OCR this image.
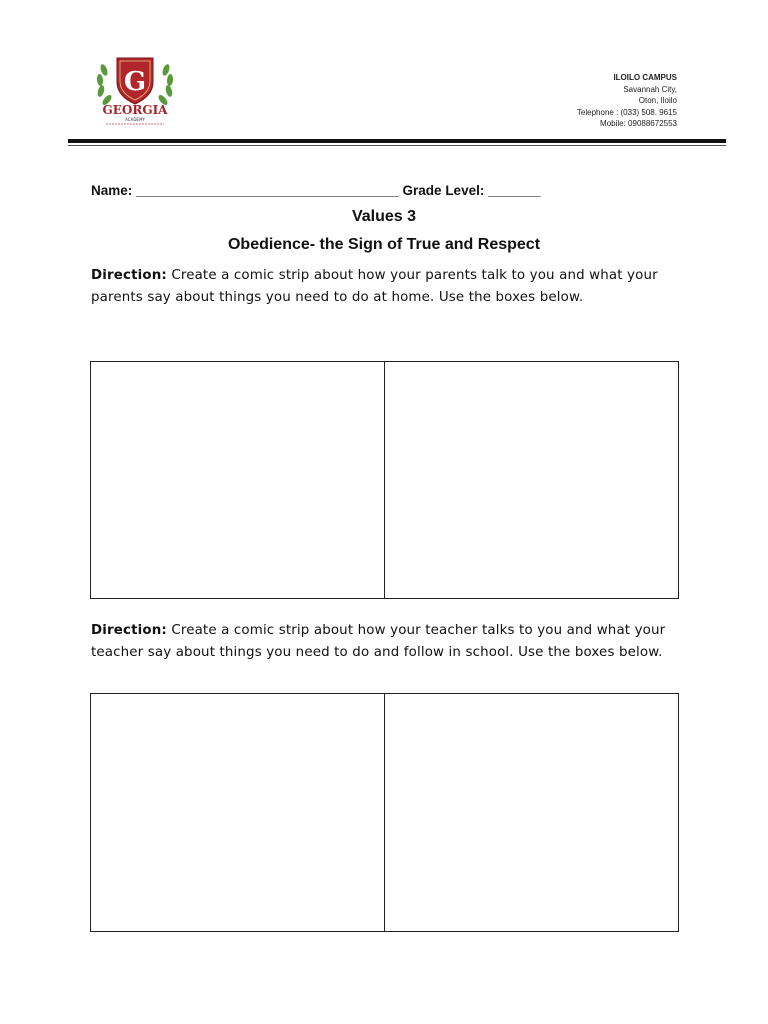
G
GEORGIA
ACADEMY
ILOILO CAMPUS
Savannah City,
Oton, Iloilo
Telephone : (033) 508. 9615
Mobile: 09088672553
Name: ___________________________________ Grade Level: _______
Values 3
Obedience- the Sign of True and Respect
Direction: Create a comic strip about how your parents talk to you and what your parents say about things you need to do at home. Use the boxes below.
Direction: Create a comic strip about how your teacher talks to you and what your teacher say about things you need to do and follow in school. Use the boxes below.
